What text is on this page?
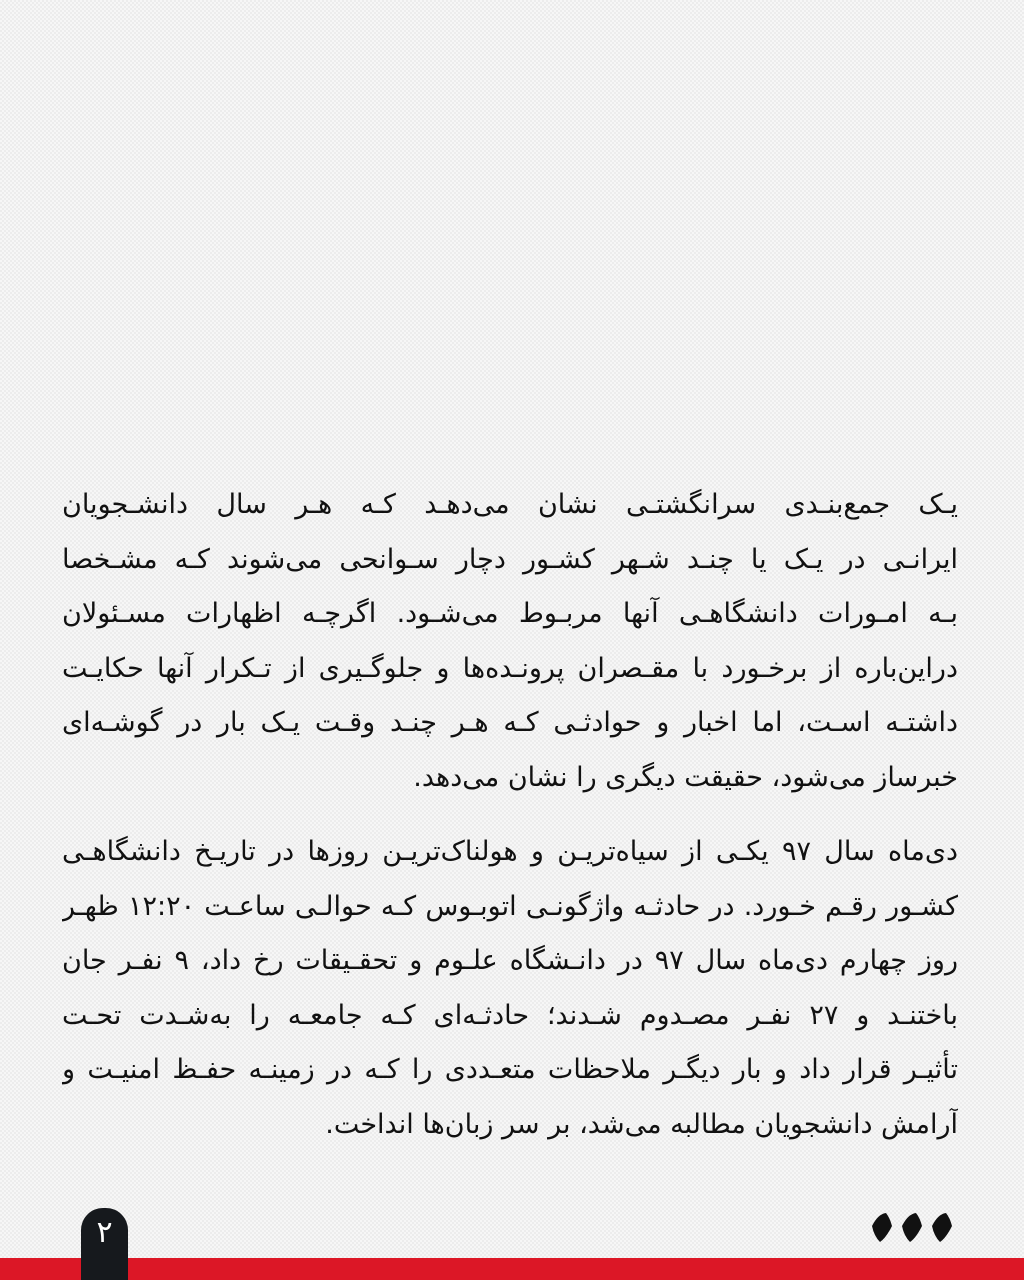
یـک جمع‌بنـدی سرانگشتـی نشان می‌دهـد کـه هـر سال دانشـجویان
ایرانـی در یـک یا چنـد شـهر کشـور دچار سـوانحی می‌شوند کـه مشـخصا
بـه امـورات دانشگاهـی آنها مربـوط می‌شـود. اگرچـه اظهارات مسـئولان
دراین‌باره از برخـورد با مقـصران پرونـده‌ها و جلوگـیری از تـکرار آنها حکایـت
داشتـه اسـت، اما اخبار و حوادثـی کـه هـر چنـد وقـت یـک بار در گوشـه‌ای
خبرساز می‌شود، حقیقت دیگری را نشان می‌دهد.

دی‌ماه سال ۹۷ یکـی از سیاه‌تریـن و هولناک‌تریـن روزها در تاریـخ دانشگاهـی
کشـور رقـم خـورد. در حادثـه واژگونـی اتوبـوس کـه حوالـی ساعـت ۱۲:۲۰ ظهـر
روز چهارم دی‌ماه سال ۹۷ در دانـشگاه علـوم و تحقـیقات رخ داد، ۹ نفـر جان
باختنـد و ۲۷ نفـر مصـدوم شـدند؛ حادثـه‌ای کـه جامعـه را به‌شـدت تحـت
تأثیـر قرار داد و بار دیگـر ملاحظات متعـددی را کـه در زمینـه حفـظ امنیـت و
آرامش دانشجویان مطالبه می‌شد، بر سر زبان‌ها انداخت.

۲
